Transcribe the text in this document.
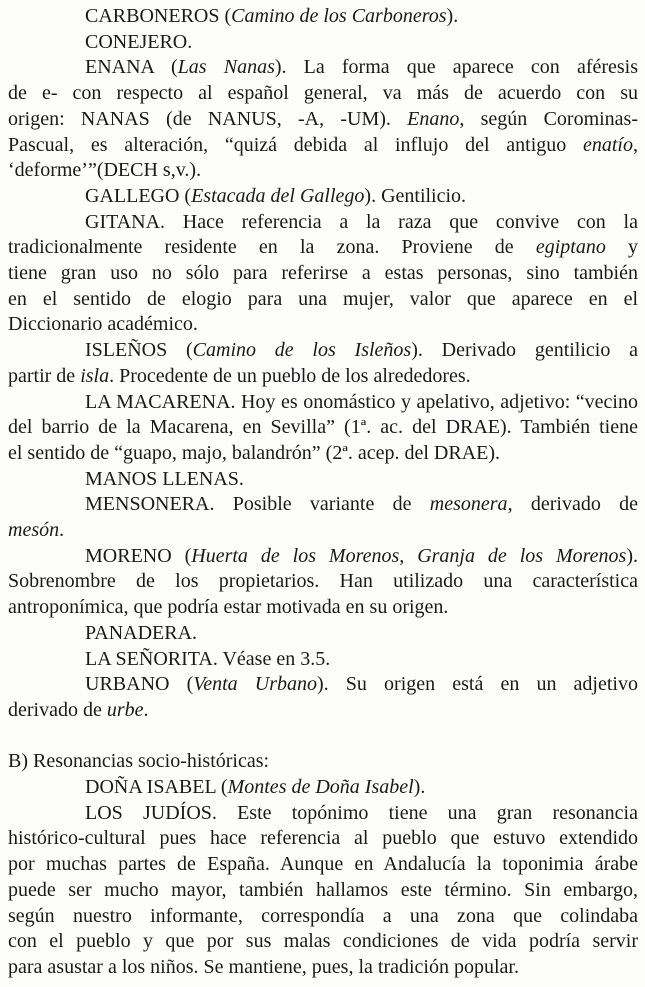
CARBONEROS (Camino de los Carboneros).
CONEJERO.
ENANA (Las Nanas). La forma que aparece con aféresis
de e- con respecto al español general, va más de acuerdo con su
origen: NANAS (de NANUS, -A, -UM). Enano, según Corominas-
Pascual, es alteración, “quizá debida al influjo del antiguo enatío,
‘deforme’”(DECH s,v.).
GALLEGO (Estacada del Gallego). Gentilicio.
GITANA. Hace referencia a la raza que convive con la
tradicionalmente residente en la zona. Proviene de egiptano y
tiene gran uso no sólo para referirse a estas personas, sino también
en el sentido de elogio para una mujer, valor que aparece en el
Diccionario académico.
ISLEÑOS (Camino de los Isleños). Derivado gentilicio a
partir de isla. Procedente de un pueblo de los alrededores.
LA MACARENA. Hoy es onomástico y apelativo, adjetivo: “vecino
del barrio de la Macarena, en Sevilla” (1ª. ac. del DRAE). También tiene
el sentido de “guapo, majo, balandrón” (2ª. acep. del DRAE).
MANOS LLENAS.
MENSONERA. Posible variante de mesonera, derivado de
mesón.
MORENO (Huerta de los Morenos, Granja de los Morenos).
Sobrenombre de los propietarios. Han utilizado una característica
antroponímica, que podría estar motivada en su origen.
PANADERA.
LA SEÑORITA. Véase en 3.5.
URBANO (Venta Urbano). Su origen está en un adjetivo
derivado de urbe.
B) Resonancias socio-históricas:
DOÑA ISABEL (Montes de Doña Isabel).
LOS JUDÍOS. Este topónimo tiene una gran resonancia
histórico-cultural pues hace referencia al pueblo que estuvo extendido
por muchas partes de España. Aunque en Andalucía la toponimia árabe
puede ser mucho mayor, también hallamos este término. Sin embargo,
según nuestro informante, correspondía a una zona que colindaba
con el pueblo y que por sus malas condiciones de vida podría servir
para asustar a los niños. Se mantiene, pues, la tradición popular.
